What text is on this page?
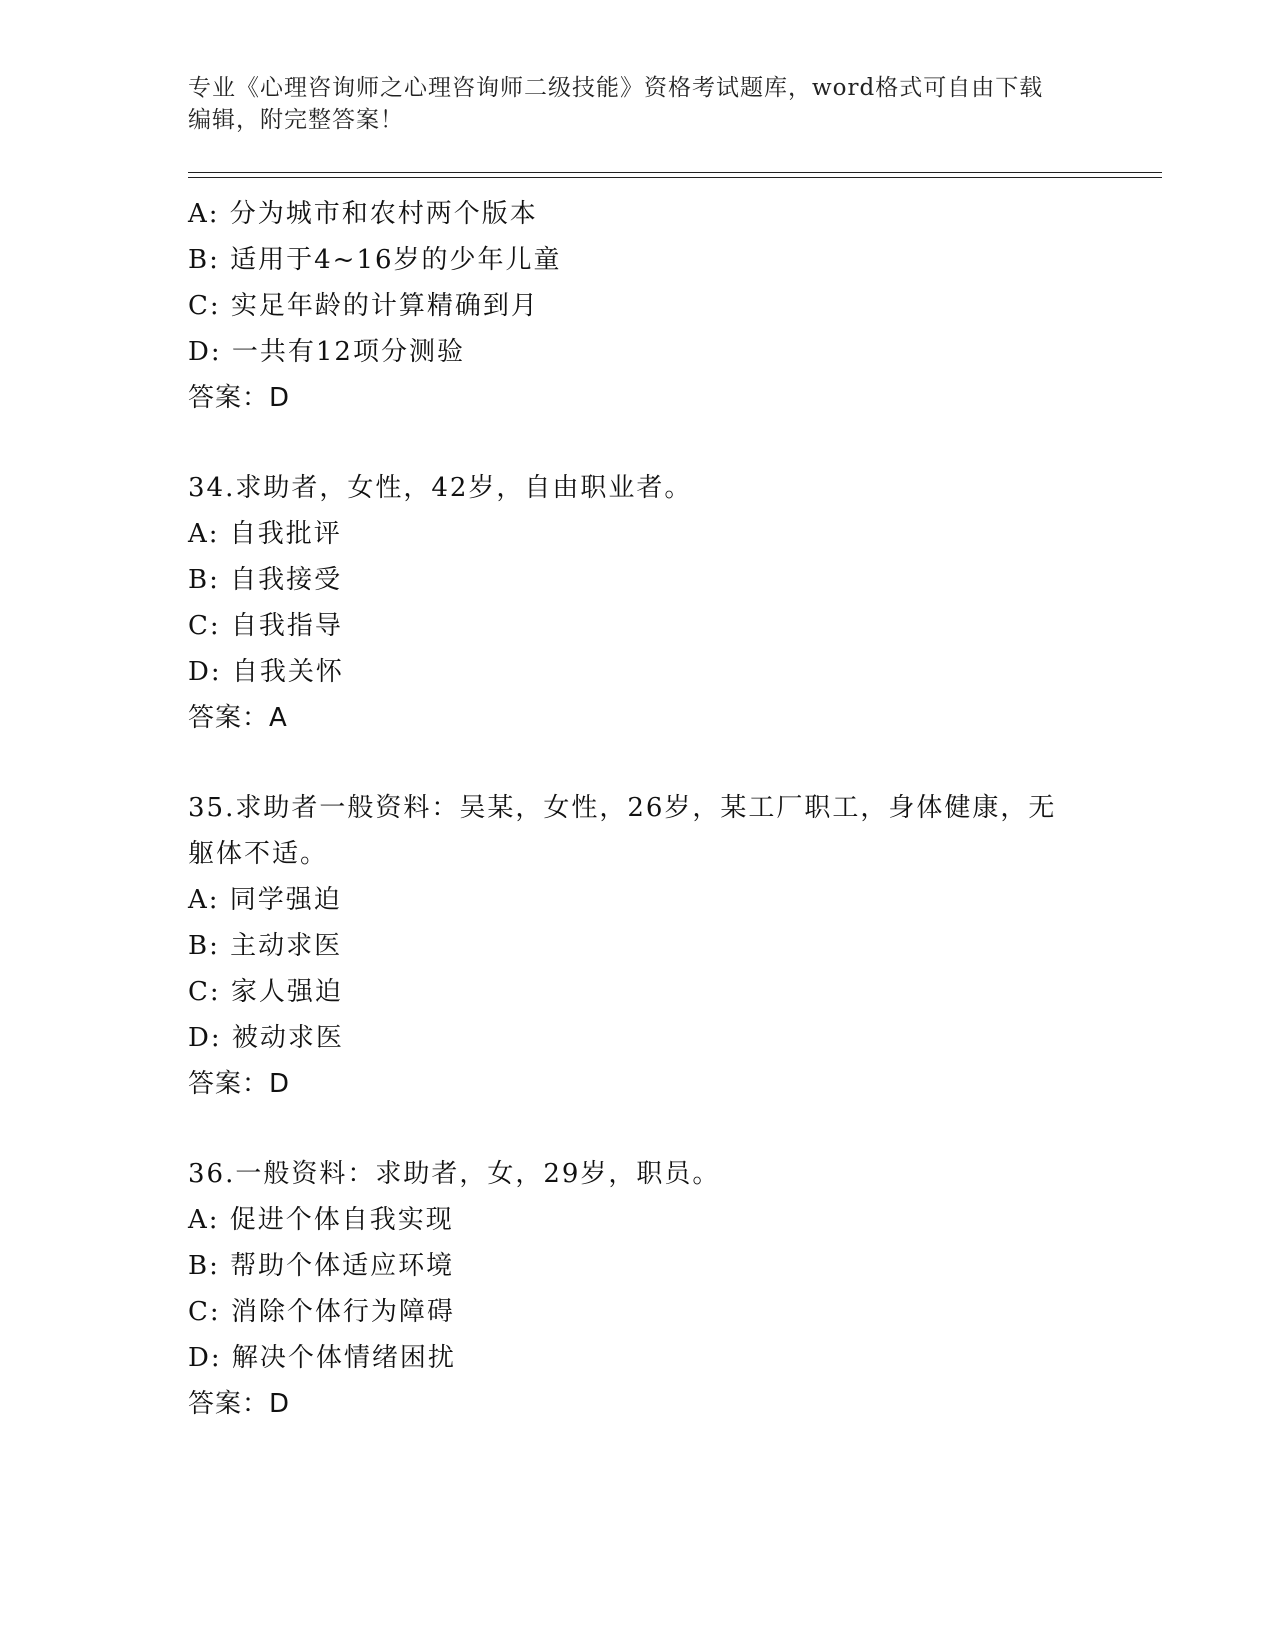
专业《心理咨询师之心理咨询师二级技能》资格考试题库，word格式可自由下载
编辑，附完整答案！
A: 分为城市和农村两个版本
B: 适用于4~16岁的少年儿童
C: 实足年龄的计算精确到月
D: 一共有12项分测验
答案：D
34.求助者，女性，42岁，自由职业者。
A: 自我批评
B: 自我接受
C: 自我指导
D: 自我关怀
答案：A
35.求助者一般资料：吴某，女性，26岁，某工厂职工，身体健康，无
躯体不适。
A: 同学强迫
B: 主动求医
C: 家人强迫
D: 被动求医
答案：D
36.一般资料：求助者，女，29岁，职员。
A: 促进个体自我实现
B: 帮助个体适应环境
C: 消除个体行为障碍
D: 解决个体情绪困扰
答案：D
